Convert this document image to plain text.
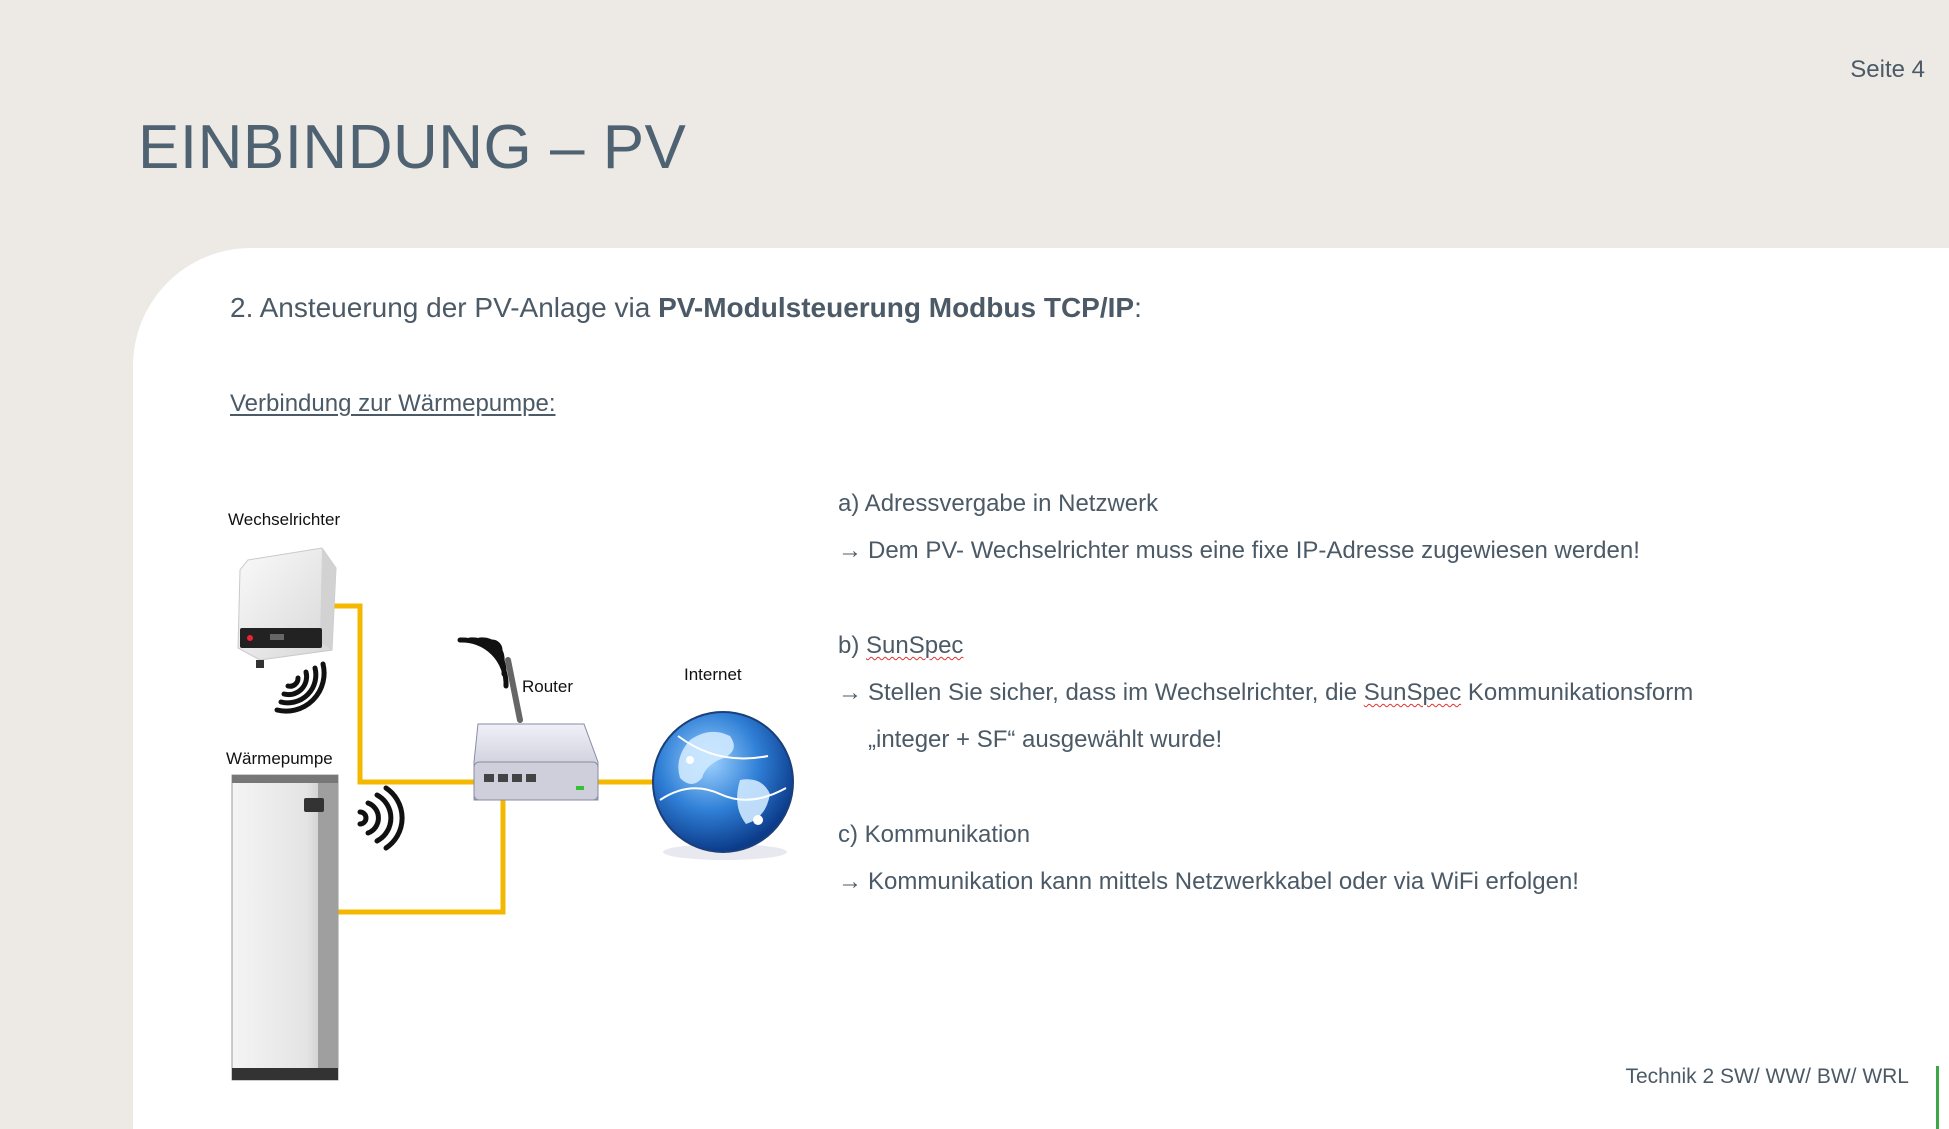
Seite 4
EINBINDUNG – PV
2. Ansteuerung der PV-Anlage via PV-Modulsteuerung Modbus TCP/IP:
Verbindung zur Wärmepumpe:
Wechselrichter
Wärmepumpe
Router
Internet
a) Adressvergabe in Netzwerk
→ Dem PV- Wechselrichter muss eine fixe IP-Adresse zugewiesen werden!
b) SunSpec
→ Stellen Sie sicher, dass im Wechselrichter, die SunSpec Kommunikationsform
„integer + SF“ ausgewählt wurde!
c) Kommunikation
→ Kommunikation kann mittels Netzwerkkabel oder via WiFi erfolgen!
Technik 2 SW/ WW/ BW/ WRL
